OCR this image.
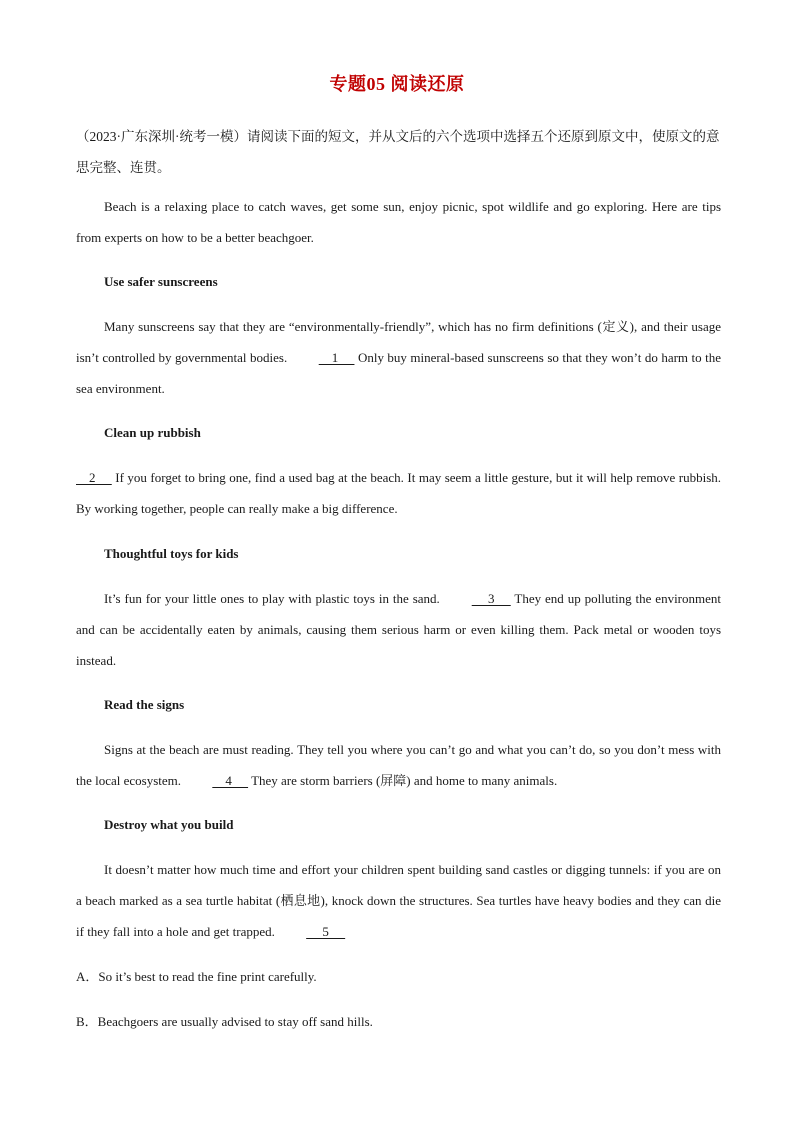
专题05 阅读还原

（2023·广东深圳·统考一模）请阅读下面的短文，并从文后的六个选项中选择五个还原到原文中，使原文的意思完整、连贯。

Beach is a relaxing place to catch waves, get some sun, enjoy picnic, spot wildlife and go exploring. Here are tips from experts on how to be a better beachgoer.

Use safer sunscreens

Many sunscreens say that they are “environmentally-friendly”, which has no firm definitions (定义), and their usage isn’t controlled by governmental bodies.     1      Only buy mineral-based sunscreens so that they won’t do harm to the sea environment.

Clean up rubbish

2      If you forget to bring one, find a used bag at the beach. It may seem a little gesture, but it will help remove rubbish. By working together, people can really make a big difference.

Thoughtful toys for kids

It’s fun for your little ones to play with plastic toys in the sand.      3      They end up polluting the environment and can be accidentally eaten by animals, causing them serious harm or even killing them. Pack metal or wooden toys instead.

Read the signs

Signs at the beach are must reading. They tell you where you can’t go and what you can’t do, so you don’t mess with the local ecosystem.     4      They are storm barriers (屏障) and home to many animals.

Destroy what you build

It doesn’t matter how much time and effort your children spent building sand castles or digging tunnels: if you are on a beach marked as a sea turtle habitat (栖息地), knock down the structures. Sea turtles have heavy bodies and they can die if they fall into a hole and get trapped.      5

A．So it’s best to read the fine print carefully.

B．Beachgoers are usually advised to stay off sand hills.
